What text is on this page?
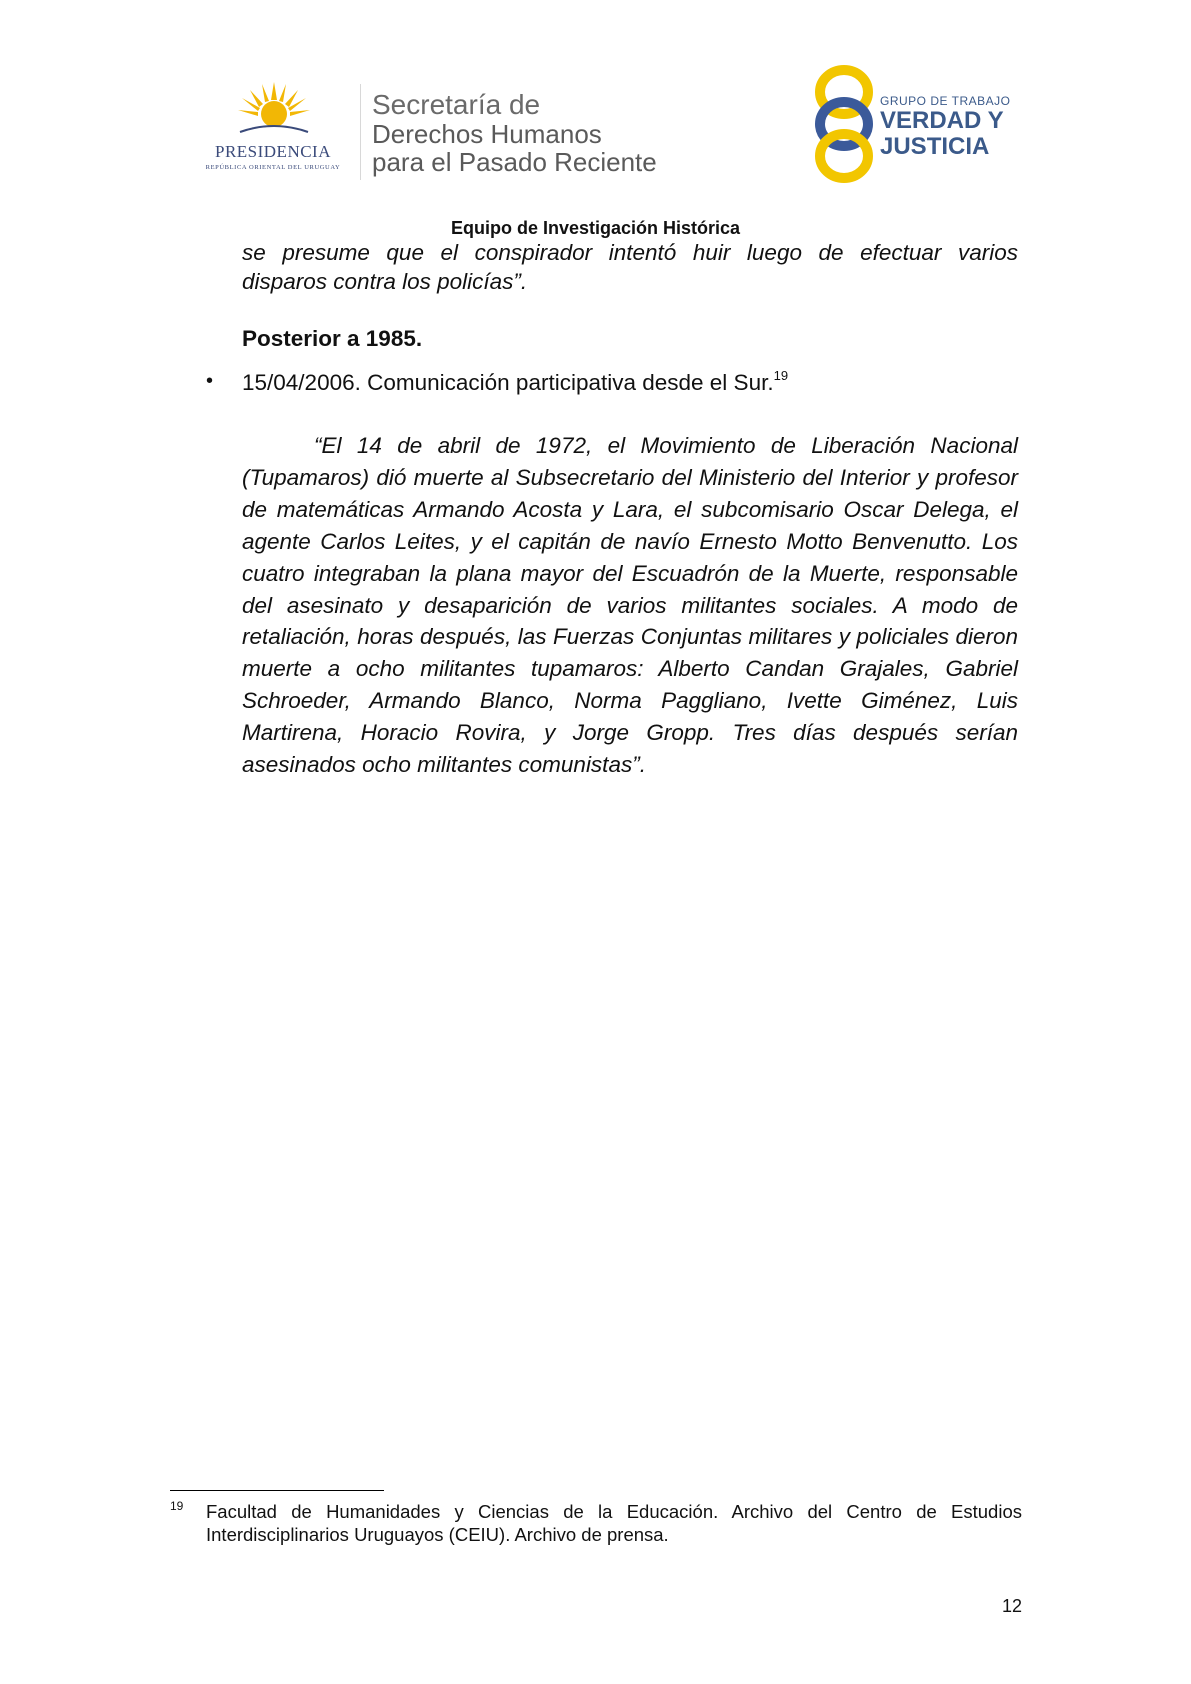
PRESIDENCIA
REPÚBLICA ORIENTAL DEL URUGUAY
Secretaría de
Derechos Humanos
para el Pasado Reciente
GRUPO DE TRABAJO
VERDAD Y
JUSTICIA
Equipo de Investigación Histórica
se presume que el conspirador intentó huir luego de efectuar varios
disparos contra los policías”.
Posterior a 1985.
• 15/04/2006. Comunicación participativa desde el Sur.$^{19}$
“El 14 de abril de 1972, el Movimiento de Liberación Nacional (Tupamaros) dió muerte al Subsecretario del Ministerio del Interior y profesor de matemáticas Armando Acosta y Lara, el subcomisario Oscar Delega, el agente Carlos Leites, y el capitán de navío Ernesto Motto Benvenutto. Los cuatro integraban la plana mayor del Escuadrón de la Muerte, responsable del asesinato y desaparición de varios militantes sociales. A modo de retaliación, horas después, las Fuerzas Conjuntas militares y policiales dieron muerte a ocho militantes tupamaros: Alberto Candan Grajales, Gabriel Schroeder, Armando Blanco, Norma Paggliano, Ivette Giménez, Luis Martirena, Horacio Rovira, y Jorge Gropp. Tres días después serían asesinados ocho militantes comunistas”.
19 Facultad de Humanidades y Ciencias de la Educación. Archivo del Centro de Estudios Interdisciplinarios Uruguayos (CEIU). Archivo de prensa.
12
